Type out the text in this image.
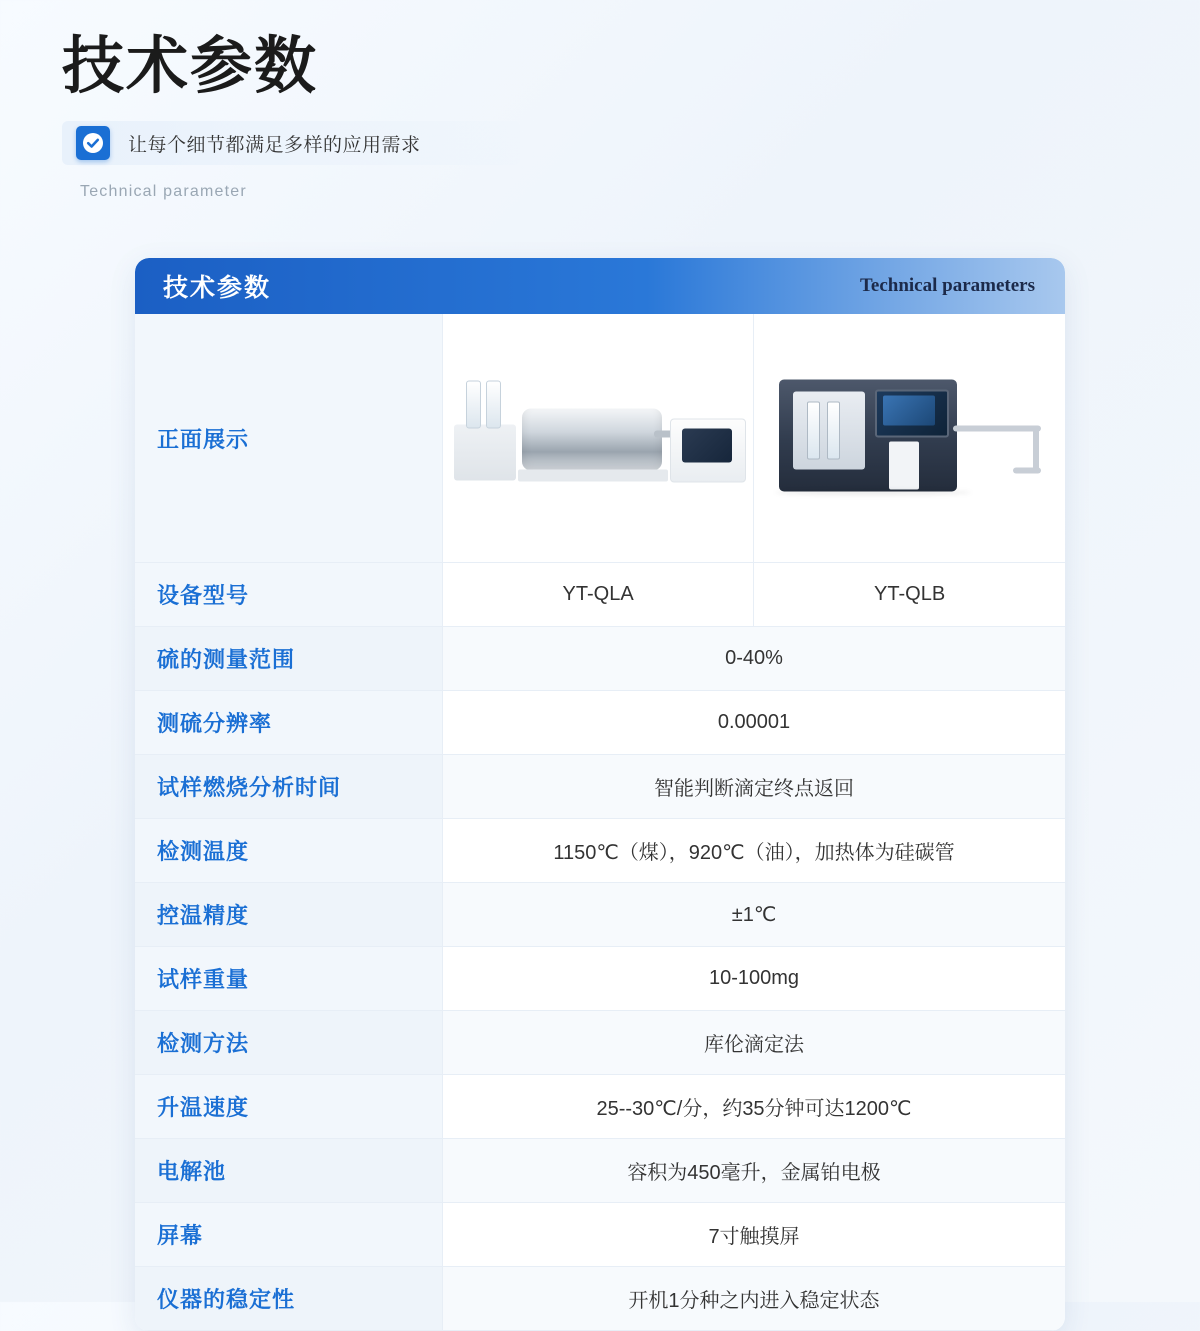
技术参数
让每个细节都满足多样的应用需求
Technical parameter
技术参数	Technical parameters
正面展示	

设备型号	YT-QLA	YT-QLB
硫的测量范围	0-40%	
测硫分辨率	0.00001	
试样燃烧分析时间	智能判断滴定终点返回	
检测温度	1150℃（煤），920℃（油），加热体为硅碳管	
控温精度	±1℃	
试样重量	10-100mg	
检测方法	库伦滴定法	
升温速度	25--30℃/分，约35分钟可达1200℃	
电解池	容积为450毫升，金属铂电极	
屏幕	7寸触摸屏	
仪器的稳定性	开机1分种之内进入稳定状态	
